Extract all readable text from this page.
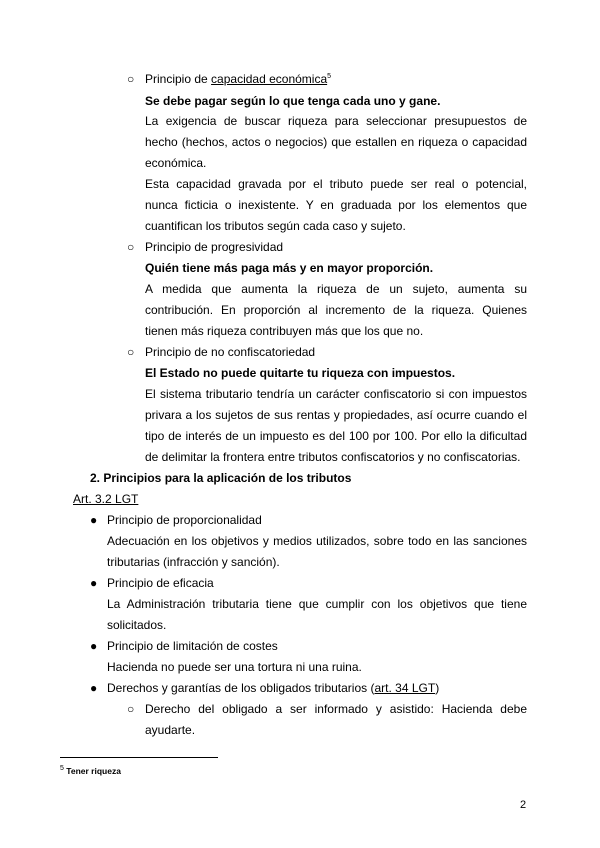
○ Principio de capacidad económica$^5$
Se debe pagar según lo que tenga cada uno y gane.
La exigencia de buscar riqueza para seleccionar presupuestos de
hecho (hechos, actos o negocios) que estallen en riqueza o capacidad
económica.
Esta capacidad gravada por el tributo puede ser real o potencial,
nunca ficticia o inexistente. Y en graduada por los elementos que
cuantifican los tributos según cada caso y sujeto.
○ Principio de progresividad
Quién tiene más paga más y en mayor proporción.
A medida que aumenta la riqueza de un sujeto, aumenta su
contribución. En proporción al incremento de la riqueza. Quienes
tienen más riqueza contribuyen más que los que no.
○ Principio de no confiscatoriedad
El Estado no puede quitarte tu riqueza con impuestos.
El sistema tributario tendría un carácter confiscatorio si con impuestos
privara a los sujetos de sus rentas y propiedades, así ocurre cuando el
tipo de interés de un impuesto es del 100 por 100. Por ello la dificultad
de delimitar la frontera entre tributos confiscatorios y no confiscatorias.
2. Principios para la aplicación de los tributos
Art. 3.2 LGT
● Principio de proporcionalidad
Adecuación en los objetivos y medios utilizados, sobre todo en las sanciones
tributarias (infracción y sanción).
● Principio de eficacia
La Administración tributaria tiene que cumplir con los objetivos que tiene
solicitados.
● Principio de limitación de costes
Hacienda no puede ser una tortura ni una ruina.
● Derechos y garantías de los obligados tributarios (art. 34 LGT)
○ Derecho del obligado a ser informado y asistido: Hacienda debe
ayudarte.
$^5$ Tener riqueza
2
